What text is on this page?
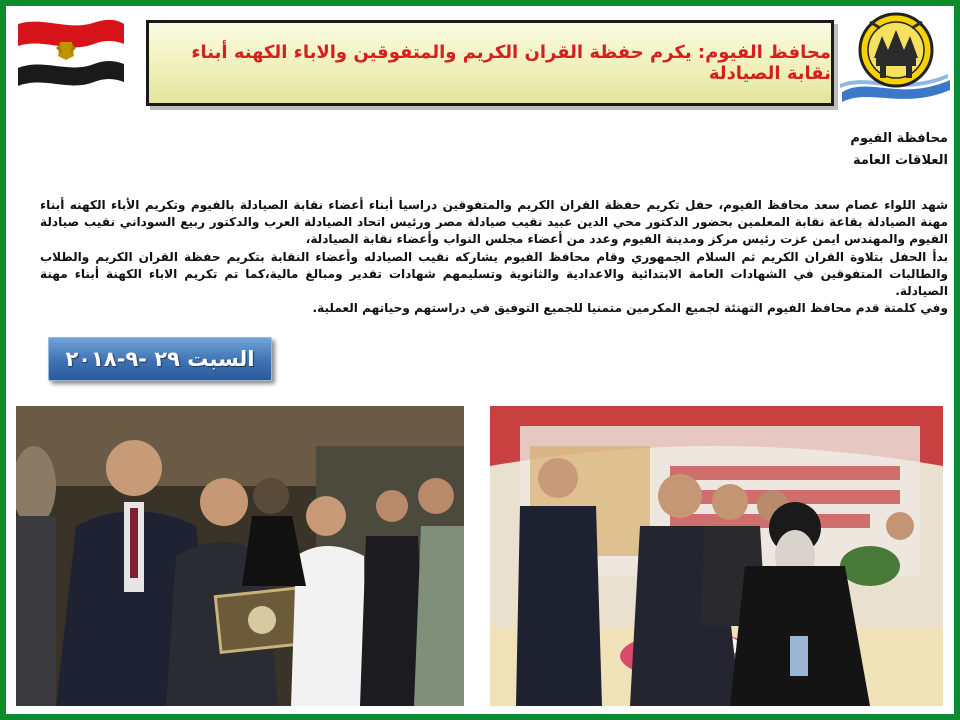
محافظ الفيوم: يكرم حفظة القران الكريم والمتفوقين والاباء الكهنه أبناء نقابة الصيادلة
محافظة الفيوم
العلاقات العامة

شهد اللواء عصام سعد محافظ الفيوم، حفل تكريم حفظة القران الكريم والمتفوقين دراسيا أبناء أعضاء نقابة الصيادلة بالفيوم وتكريم الأباء الكهنه أبناء مهنة الصيادلة بقاعة نقابة المعلمين بحضور الدكتور محي الدين عبيد نقيب صيادلة مصر ورئيس اتحاد الصيادلة العرب والدكتور ربيع السوداني نقيب صيادلة الفيوم والمهندس ايمن عزت رئيس مركز ومدينة الفيوم وعدد من أعضاء مجلس النواب وأعضاء نقابة الصيادلة،

بدأ الحفل بتلاوة القران الكريم ثم السلام الجمهوري وقام محافظ الفيوم يشاركه نقيب الصيادله وأعضاء النقابة بتكريم حفظة القران الكريم والطلاب والطالبات المتفوقين في الشهادات العامة الابتدائية والاعدادية والثانوية وتسليمهم شهادات تقدير ومبالغ مالية،كما تم تكريم الاباء الكهنة أبناء مهنة الصيادلة.

وفي كلمتة قدم محافظ الفيوم التهنئة لجميع المكرمين متمنيا للجميع التوفيق في دراستهم وحياتهم العملية.

السبت ٢٩ -٩-٢٠١٨
